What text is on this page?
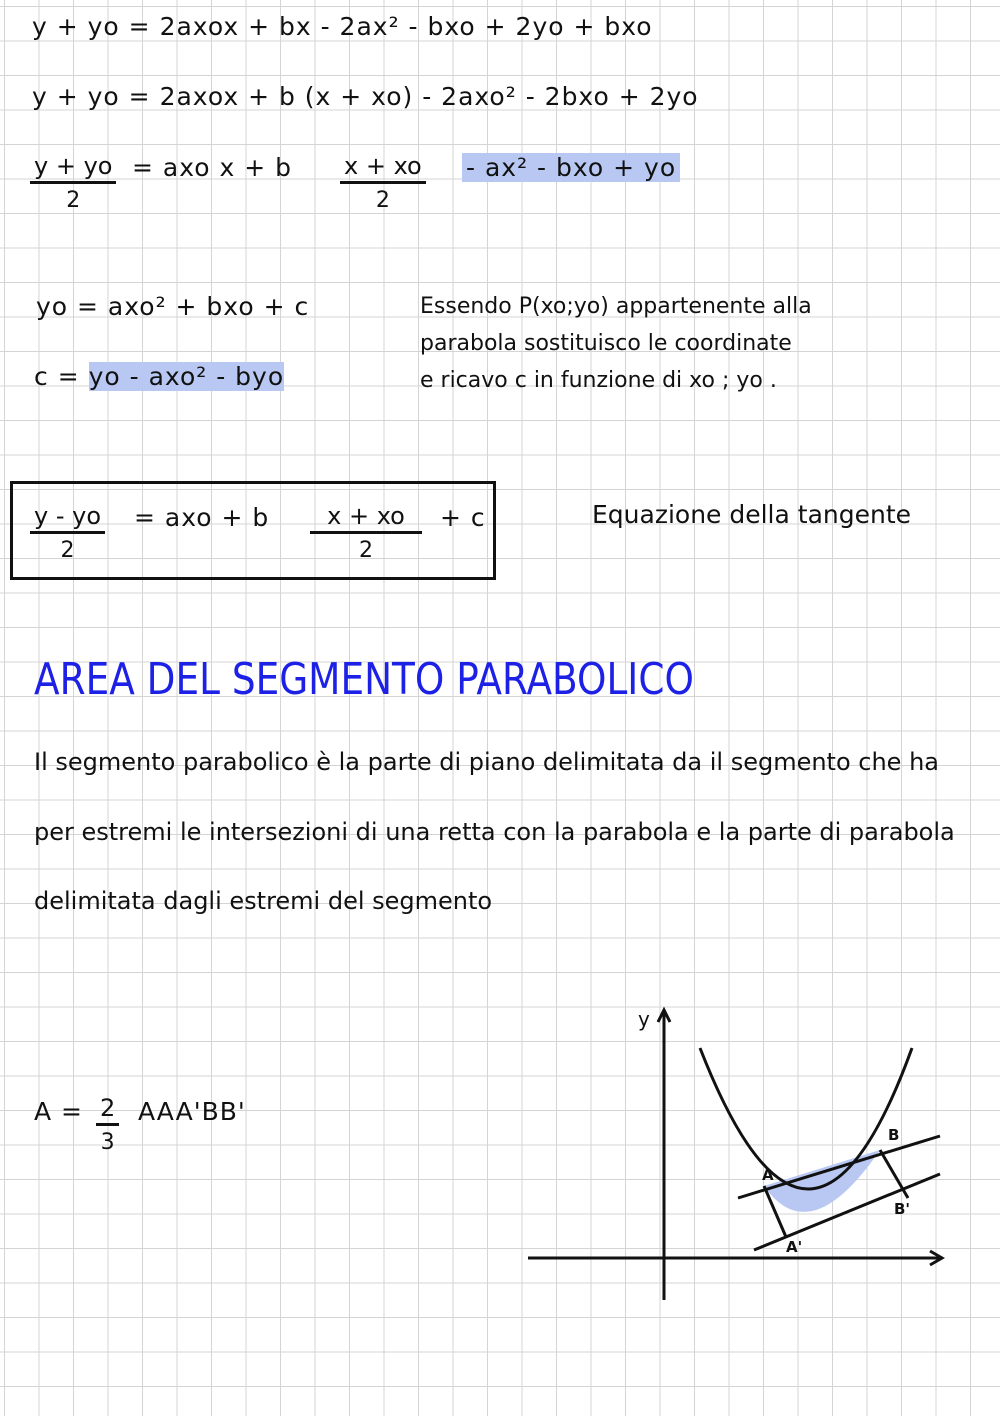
y + yo = 2axox + bx - 2ax² - bxo + 2yo + bxo
y + yo = 2axox + b (x + xo) - 2axo² - 2bxo + 2yo
y + yo
2
= axo x + b x + xo
2
- ax² - bxo + yo
yo = axo² + bxo + c
c = yo - axo² - byo
Essendo P(xo;yo) appartenente alla
parabola sostituisco le coordinate
e ricavo c in funzione di xo ; yo .
y - yo
2
= axo + b x + xo
2
+ c	Equazione della tangente
AREA DEL SEGMENTO PARABOLICO
Il segmento parabolico è la parte di piano delimitata da il segmento che ha per estremi le intersezioni di una retta con la parabola e la parte di parabola delimitata dagli estremi del segmento
A = 2
3
AAA'BB'
y
A
B
A'
B'
